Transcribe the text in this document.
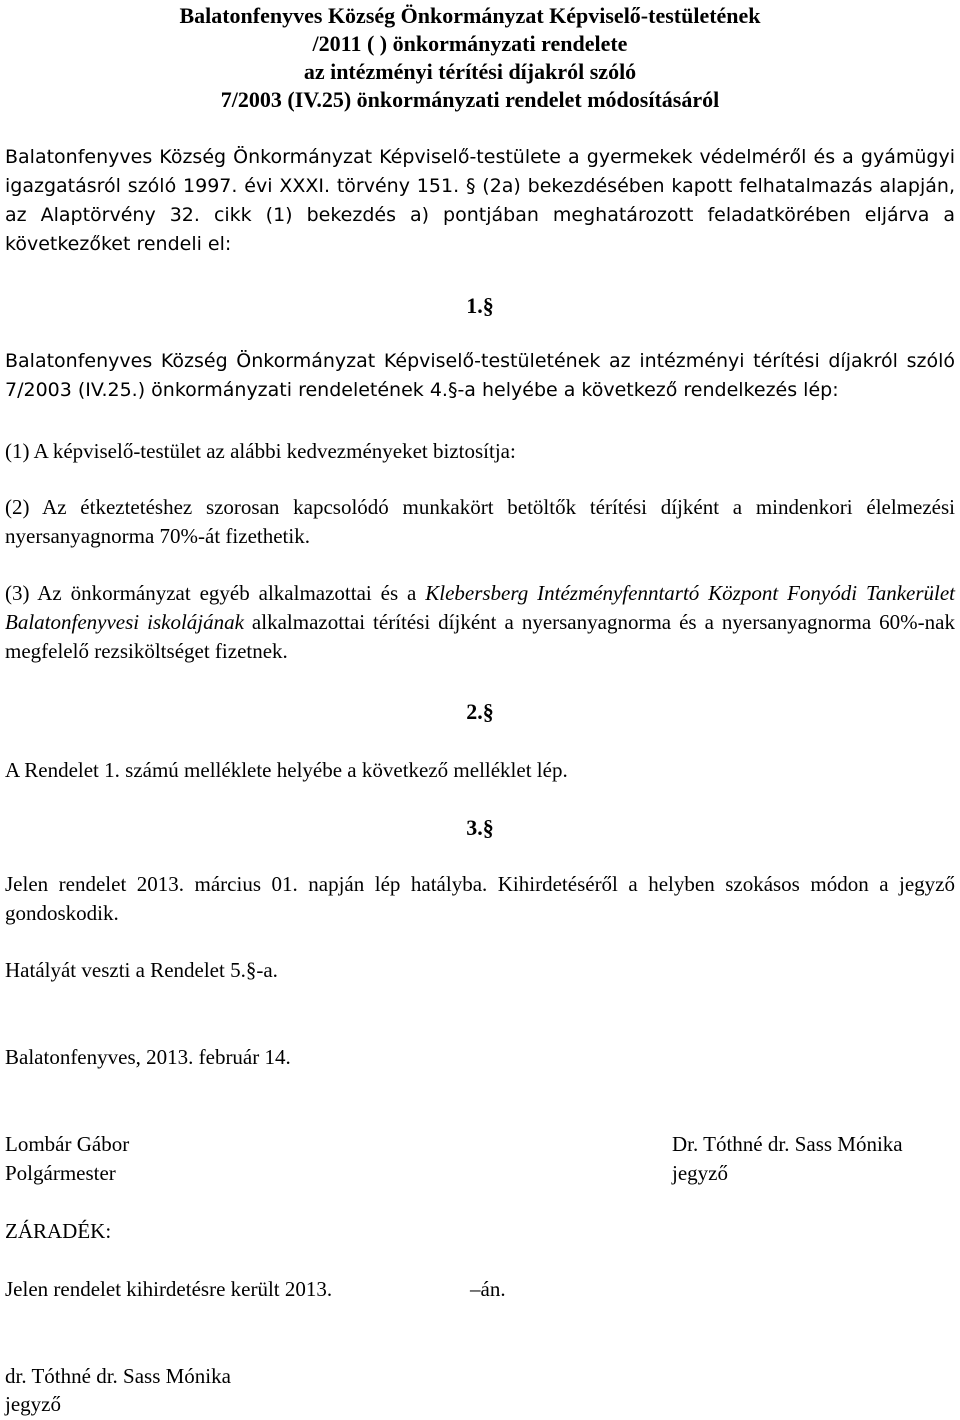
Balatonfenyves Község Önkormányzat Képviselő-testületének
/2011 ( ) önkormányzati rendelete
az intézményi térítési díjakról szóló
7/2003 (IV.25) önkormányzati rendelet módosításáról
Balatonfenyves Község Önkormányzat Képviselő-testülete a gyermekek védelméről és a gyámügyi igazgatásról szóló 1997. évi XXXI. törvény 151. § (2a) bekezdésében kapott felhatalmazás alapján, az Alaptörvény 32. cikk (1) bekezdés a) pontjában meghatározott feladatkörében eljárva a következőket rendeli el:
1.§
Balatonfenyves Község Önkormányzat Képviselő-testületének az intézményi térítési díjakról szóló 7/2003 (IV.25.) önkormányzati rendeletének 4.§-a helyébe a következő rendelkezés lép:
(1) A képviselő-testület az alábbi kedvezményeket biztosítja:
(2) Az étkeztetéshez szorosan kapcsolódó munkakört betöltők térítési díjként a mindenkori élelmezési nyersanyagnorma 70%-át fizethetik.
(3) Az önkormányzat egyéb alkalmazottai és a Klebersberg Intézményfenntartó Központ Fonyódi Tankerület Balatonfenyvesi iskolájának alkalmazottai térítési díjként a nyersanyagnorma és a nyersanyagnorma 60%-nak megfelelő rezsiköltséget fizetnek.
2.§
A Rendelet 1. számú melléklete helyébe a következő melléklet lép.
3.§
Jelen rendelet 2013. március 01. napján lép hatályba. Kihirdetéséről a helyben szokásos módon a jegyző gondoskodik.
Hatályát veszti a Rendelet 5.§-a.
Balatonfenyves, 2013. február 14.
Lombár Gábor
Polgármester
Dr. Tóthné dr. Sass Mónika
jegyző
ZÁRADÉK:
Jelen rendelet kihirdetésre került 2013.	–án.
dr. Tóthné dr. Sass Mónika
jegyző
